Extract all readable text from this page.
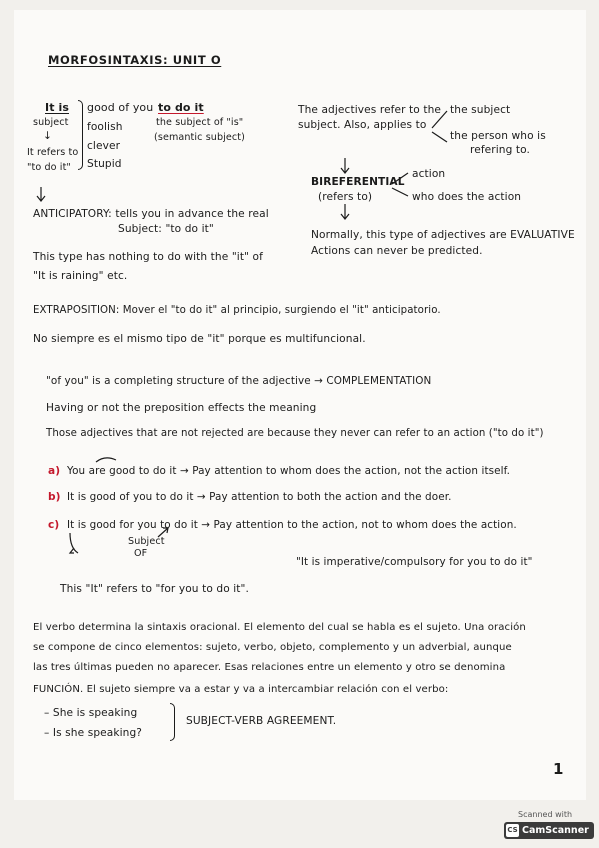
MORFOSINTAXIS: UNIT O
It is good of you to do it
foolish
clever
Stupid
subject
↓
It refers to
"to do it"
the subject of "is"
(semantic subject)
The adjectives refer to the
subject. Also, applies to
the subject
the person who is
refering to.
BIREFERENTIAL
(refers to)
action
who does the action
Normally, this type of adjectives are EVALUATIVE
Actions can never be predicted.
ANTICIPATORY: tells you in advance the real
Subject: "to do it"
This type has nothing to do with the "it" of
"It is raining" etc.
EXTRAPOSITION: Mover el "to do it" al principio, surgiendo el "it" anticipatorio.
No siempre es el mismo tipo de "it" porque es multifuncional.
"of you" is a completing structure of the adjective → COMPLEMENTATION
Having or not the preposition effects the meaning
Those adjectives that are not rejected are because they never can refer to an action ("to do it")
a) You are good to do it → Pay attention to whom does the action, not the action itself.
b) It is good of you to do it → Pay attention to both the action and the doer.
c) It is good for you to do it → Pay attention to the action, not to whom does the action.
Subject
OF
"It is imperative/compulsory for you to do it"
This "It" refers to "for you to do it".
El verbo determina la sintaxis oracional. El elemento del cual se habla es el sujeto. Una oración
se compone de cinco elementos: sujeto, verbo, objeto, complemento y un adverbial, aunque
las tres últimas pueden no aparecer. Esas relaciones entre un elemento y otro se denomina
FUNCIÓN. El sujeto siempre va a estar y va a intercambiar relación con el verbo:
– She is speaking
– Is she speaking?
SUBJECT-VERB AGREEMENT.
1
Scanned with
CS CamScanner
